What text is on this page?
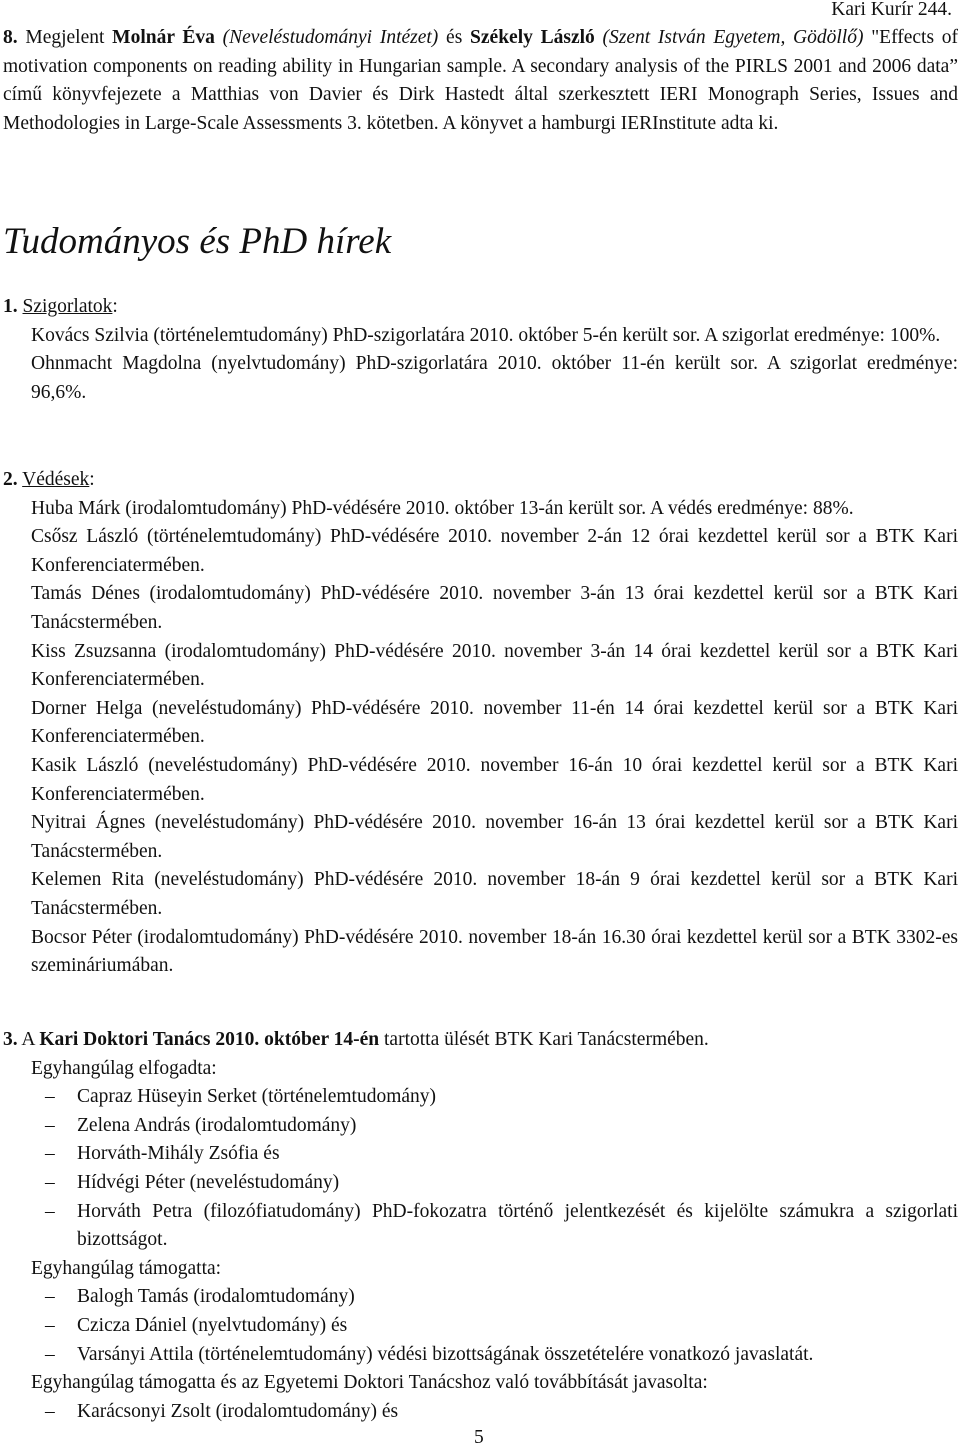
Kari Kurír 244.
8. Megjelent Molnár Éva (Neveléstudományi Intézet) és Székely László (Szent István Egyetem, Gödöllő) "Effects of motivation components on reading ability in Hungarian sample. A secondary analysis of the PIRLS 2001 and 2006 data” című könyvfejezete a Matthias von Davier és Dirk Hastedt által szerkesztett IERI Monograph Series, Issues and Methodologies in Large-Scale Assessments 3. kötetben. A könyvet a hamburgi IERInstitute adta ki.
Tudományos és PhD hírek
1. Szigorlatok:
Kovács Szilvia (történelemtudomány) PhD-szigorlatára 2010. október 5-én került sor. A szigorlat eredménye: 100%.
Ohnmacht Magdolna (nyelvtudomány) PhD-szigorlatára 2010. október 11-én került sor. A szigorlat eredménye: 96,6%.
2. Védések:
Huba Márk (irodalomtudomány) PhD-védésére 2010. október 13-án került sor. A védés eredménye: 88%.
Csősz László (történelemtudomány) PhD-védésére 2010. november 2-án 12 órai kezdettel kerül sor a BTK Kari Konferenciatermében.
Tamás Dénes (irodalomtudomány) PhD-védésére 2010. november 3-án 13 órai kezdettel kerül sor a BTK Kari Tanácstermében.
Kiss Zsuzsanna (irodalomtudomány) PhD-védésére 2010. november 3-án 14 órai kezdettel kerül sor a BTK Kari Konferenciatermében.
Dorner Helga (neveléstudomány) PhD-védésére 2010. november 11-én 14 órai kezdettel kerül sor a BTK Kari Konferenciatermében.
Kasik László (neveléstudomány) PhD-védésére 2010. november 16-án 10 órai kezdettel kerül sor a BTK Kari Konferenciatermében.
Nyitrai Ágnes (neveléstudomány) PhD-védésére 2010. november 16-án 13 órai kezdettel kerül sor a BTK Kari Tanácstermében.
Kelemen Rita (neveléstudomány) PhD-védésére 2010. november 18-án 9 órai kezdettel kerül sor a BTK Kari Tanácstermében.
Bocsor Péter (irodalomtudomány) PhD-védésére 2010. november 18-án 16.30 órai kezdettel kerül sor a BTK 3302-es szemináriumában.
3. A Kari Doktori Tanács 2010. október 14-én tartotta ülését BTK Kari Tanácstermében.
Egyhangúlag elfogadta:
– Capraz Hüseyin Serket (történelemtudomány)
– Zelena András (irodalomtudomány)
– Horváth-Mihály Zsófia és
– Hídvégi Péter (neveléstudomány)
– Horváth Petra (filozófiatudomány) PhD-fokozatra történő jelentkezését és kijelölte számukra a szigorlati bizottságot.
Egyhangúlag támogatta:
– Balogh Tamás (irodalomtudomány)
– Czicza Dániel (nyelvtudomány) és
– Varsányi Attila (történelemtudomány) védési bizottságának összetételére vonatkozó javaslatát.
Egyhangúlag támogatta és az Egyetemi Doktori Tanácshoz való továbbítását javasolta:
– Karácsonyi Zsolt (irodalomtudomány) és
5
